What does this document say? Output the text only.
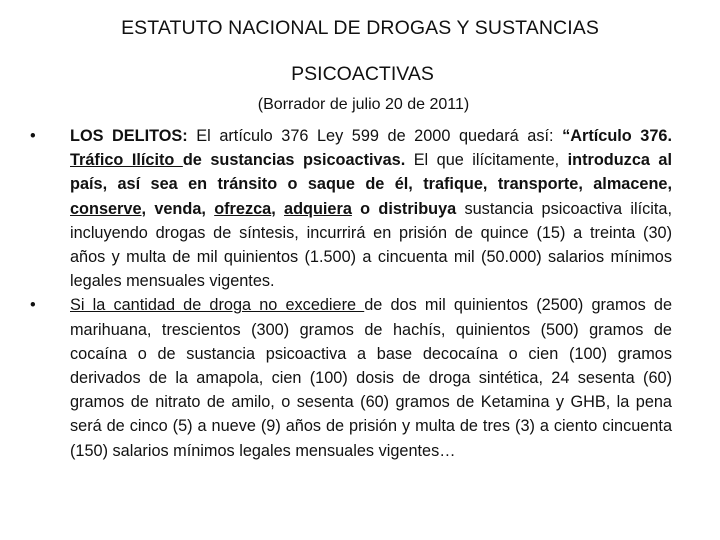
ESTATUTO NACIONAL DE DROGAS Y SUSTANCIAS
PSICOACTIVAS
(Borrador de julio 20 de 2011)
• LOS DELITOS: El artículo 376 Ley 599 de 2000 quedará así: “Artículo 376. Tráfico Ilícito de sustancias psicoactivas. El que ilícitamente, introduzca al país, así sea en tránsito o saque de él, trafique, transporte, almacene, conserve, venda, ofrezca, adquiera o distribuya sustancia psicoactiva ilícita, incluyendo drogas de síntesis, incurrirá en prisión de quince (15) a treinta (30) años y multa de mil quinientos (1.500) a cincuenta mil (50.000) salarios mínimos legales mensuales vigentes.
• Si la cantidad de droga no excediere de dos mil quinientos (2500) gramos de marihuana, trescientos (300) gramos de hachís, quinientos (500) gramos de cocaína o de sustancia psicoactiva a base decocaína o cien (100) gramos derivados de la amapola, cien (100) dosis de droga sintética, 24 sesenta (60) gramos de nitrato de amilo, o sesenta (60) gramos de Ketamina y GHB, la pena será de cinco (5) a nueve (9) años de prisión y multa de tres (3) a ciento cincuenta (150) salarios mínimos legales mensuales vigentes…
